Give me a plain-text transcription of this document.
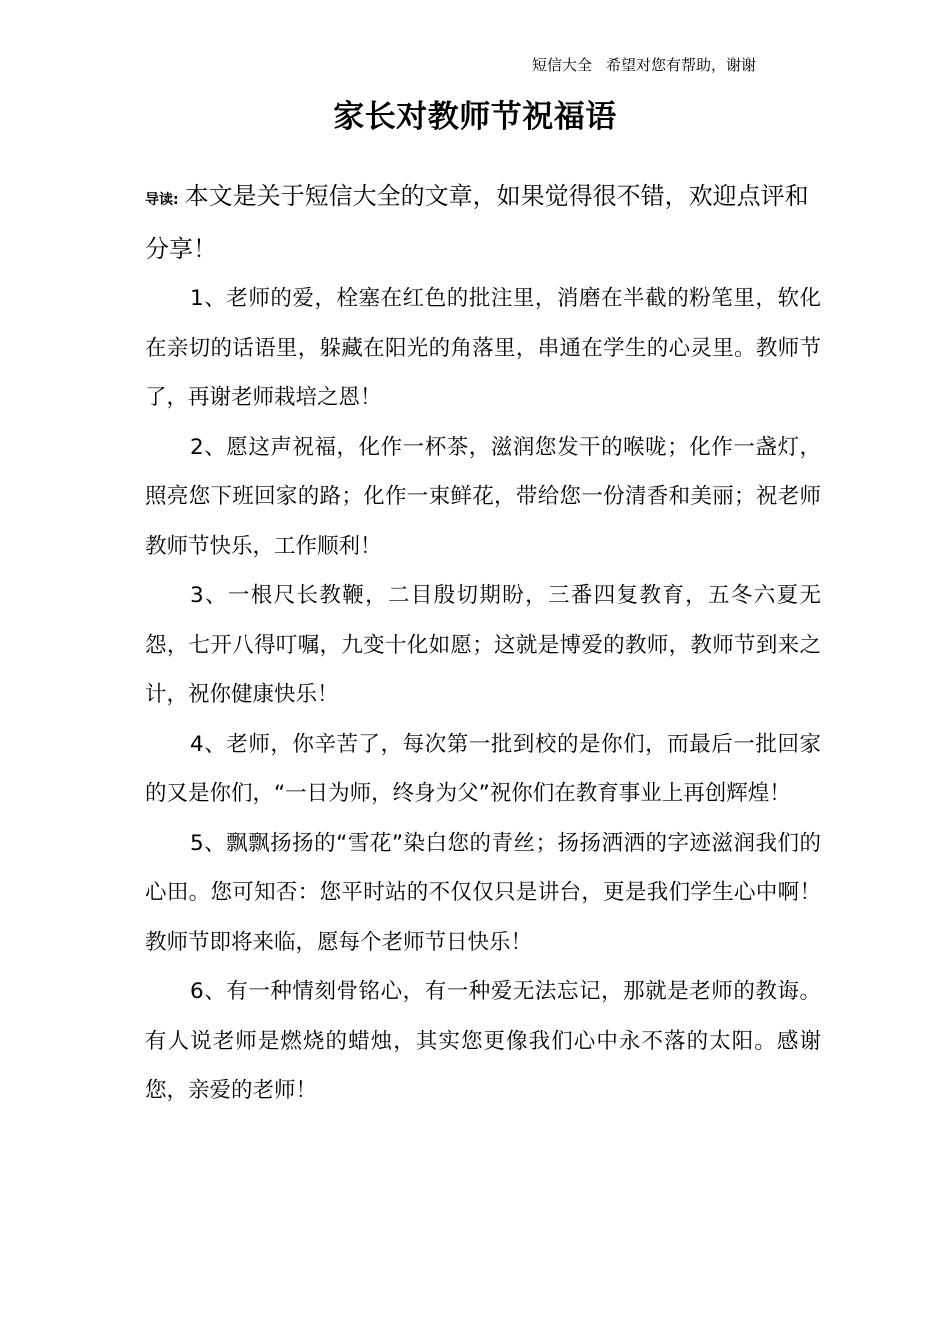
短信大全 希望对您有帮助，谢谢
家长对教师节祝福语

导读: 本文是关于短信大全的文章，如果觉得很不错，欢迎点评和分享！

1、老师的爱，栓塞在红色的批注里，消磨在半截的粉笔里，软化在亲切的话语里，躲藏在阳光的角落里，串通在学生的心灵里。教师节了，再谢老师栽培之恩！

2、愿这声祝福，化作一杯茶，滋润您发干的喉咙；化作一盏灯，照亮您下班回家的路；化作一束鲜花，带给您一份清香和美丽；祝老师教师节快乐，工作顺利！

3、一根尺长教鞭，二目殷切期盼，三番四复教育，五冬六夏无怨，七开八得叮嘱，九变十化如愿；这就是博爱的教师，教师节到来之计，祝你健康快乐！

4、老师，你辛苦了，每次第一批到校的是你们，而最后一批回家的又是你们，“一日为师，终身为父”祝你们在教育事业上再创辉煌！

5、飘飘扬扬的“雪花”染白您的青丝；扬扬洒洒的字迹滋润我们的心田。您可知否：您平时站的不仅仅只是讲台，更是我们学生心中啊！教师节即将来临，愿每个老师节日快乐！

6、有一种情刻骨铭心，有一种爱无法忘记，那就是老师的教诲。有人说老师是燃烧的蜡烛，其实您更像我们心中永不落的太阳。感谢您，亲爱的老师！
